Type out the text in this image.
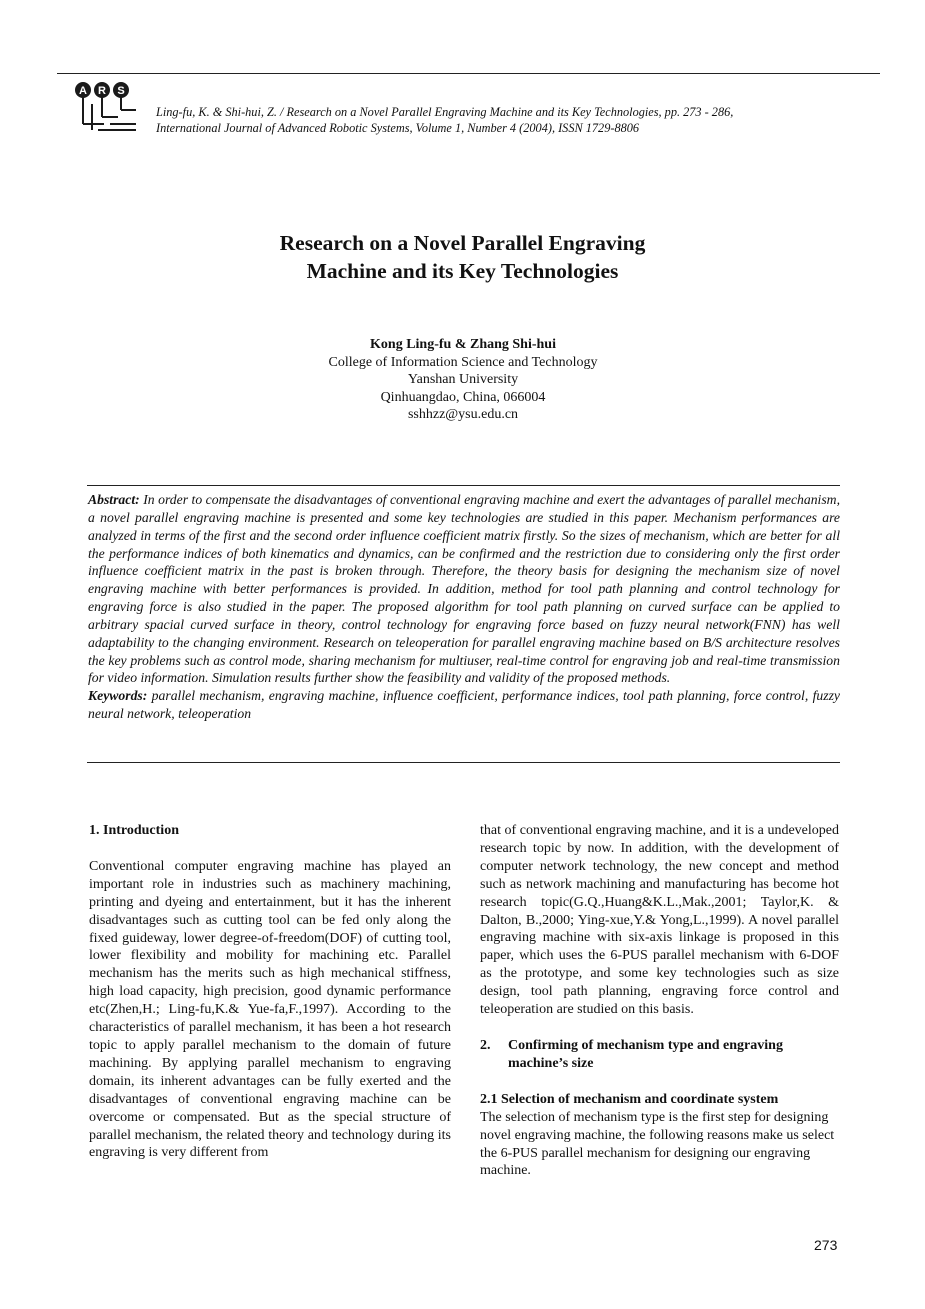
A R S
Ling-fu, K. & Shi-hui, Z. / Research on a Novel Parallel Engraving Machine and its Key Technologies, pp. 273 - 286,
International Journal of Advanced Robotic Systems, Volume 1, Number 4 (2004), ISSN 1729-8806
Research on a Novel Parallel Engraving
Machine and its Key Technologies
Kong Ling-fu & Zhang Shi-hui
College of Information Science and Technology
Yanshan University
Qinhuangdao, China, 066004
sshhzz@ysu.edu.cn
Abstract: In order to compensate the disadvantages of conventional engraving machine and exert the advantages of parallel mechanism, a novel parallel engraving machine is presented and some key technologies are studied in this paper. Mechanism performances are analyzed in terms of the first and the second order influence coefficient matrix firstly. So the sizes of mechanism, which are better for all the performance indices of both kinematics and dynamics, can be confirmed and the restriction due to considering only the first order influence coefficient matrix in the past is broken through. Therefore, the theory basis for designing the mechanism size of novel engraving machine with better performances is provided. In addition, method for tool path planning and control technology for engraving force is also studied in the paper. The proposed algorithm for tool path planning on curved surface can be applied to arbitrary spacial curved surface in theory, control technology for engraving force based on fuzzy neural network(FNN) has well adaptability to the changing environment. Research on teleoperation for parallel engraving machine based on B/S architecture resolves the key problems such as control mode, sharing mechanism for multiuser, real-time control for engraving job and real-time transmission for video information. Simulation results further show the feasibility and validity of the proposed methods.
Keywords: parallel mechanism, engraving machine, influence coefficient, performance indices, tool path planning, force control, fuzzy neural network, teleoperation
1. Introduction

Conventional computer engraving machine has played an important role in industries such as machinery machining, printing and dyeing and entertainment, but it has the inherent disadvantages such as cutting tool can be fed only along the fixed guideway, lower degree-of-freedom(DOF) of cutting tool, lower flexibility and mobility for machining etc. Parallel mechanism has the merits such as high mechanical stiffness, high load capacity, high precision, good dynamic performance etc(Zhen,H.; Ling-fu,K.& Yue-fa,F.,1997). According to the characteristics of parallel mechanism, it has been a hot research topic to apply parallel mechanism to the domain of future machining. By applying parallel mechanism to engraving domain, its inherent advantages can be fully exerted and the disadvantages of conventional engraving machine can be overcome or compensated. But as the special structure of parallel mechanism, the related theory and technology during its engraving is very different from

that of conventional engraving machine, and it is a undeveloped research topic by now. In addition, with the development of computer network technology, the new concept and method such as network machining and manufacturing has become hot research topic(G.Q.,Huang&K.L.,Mak.,2001; Taylor,K. & Dalton, B.,2000; Ying-xue,Y.& Yong,L.,1999). A novel parallel engraving machine with six-axis linkage is proposed in this paper, which uses the 6-PUS parallel mechanism with 6-DOF as the prototype, and some key technologies such as size design, tool path planning, engraving force control and teleoperation are studied on this basis.

2.	Confirming of mechanism type and engraving machine’s size
2.1 Selection of mechanism and coordinate system

The selection of mechanism type is the first step for designing novel engraving machine, the following reasons make us select the 6-PUS parallel mechanism for designing our engraving machine.

273
